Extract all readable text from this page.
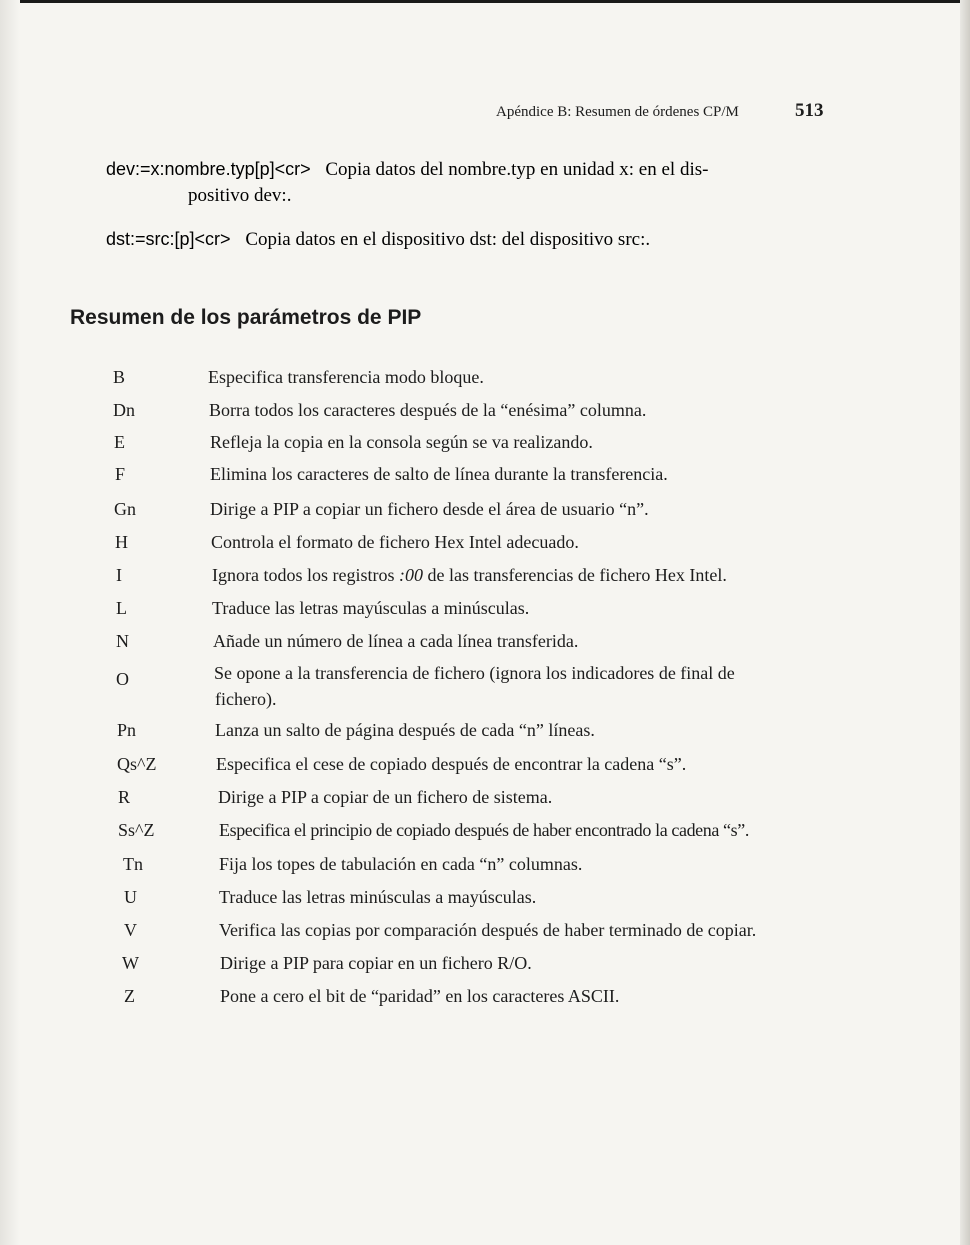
Apéndice B: Resumen de órdenes CP/M	513
dev:=x:nombre.typ[p]<cr> Copia datos del nombre.typ en unidad x: en el dis-
positivo dev:.
dst:=src:[p]<cr> Copia datos en el dispositivo dst: del dispositivo src:.
Resumen de los parámetros de PIP
B	Especifica transferencia modo bloque.
Dn	Borra todos los caracteres después de la “enésima” columna.
E	Refleja la copia en la consola según se va realizando.
F	Elimina los caracteres de salto de línea durante la transferencia.
Gn	Dirige a PIP a copiar un fichero desde el área de usuario “n”.
H	Controla el formato de fichero Hex Intel adecuado.
I	Ignora todos los registros :00 de las transferencias de fichero Hex Intel.
L	Traduce las letras mayúsculas a minúsculas.
N	Añade un número de línea a cada línea transferida.
O	Se opone a la transferencia de fichero (ignora los indicadores de final de
fichero).
Pn	Lanza un salto de página después de cada “n” líneas.
Qs^Z	Especifica el cese de copiado después de encontrar la cadena “s”.
R	Dirige a PIP a copiar de un fichero de sistema.
Ss^Z	Especifica el principio de copiado después de haber encontrado la cadena “s”.
Tn	Fija los topes de tabulación en cada “n” columnas.
U	Traduce las letras minúsculas a mayúsculas.
V	Verifica las copias por comparación después de haber terminado de copiar.
W	Dirige a PIP para copiar en un fichero R/O.
Z	Pone a cero el bit de “paridad” en los caracteres ASCII.
